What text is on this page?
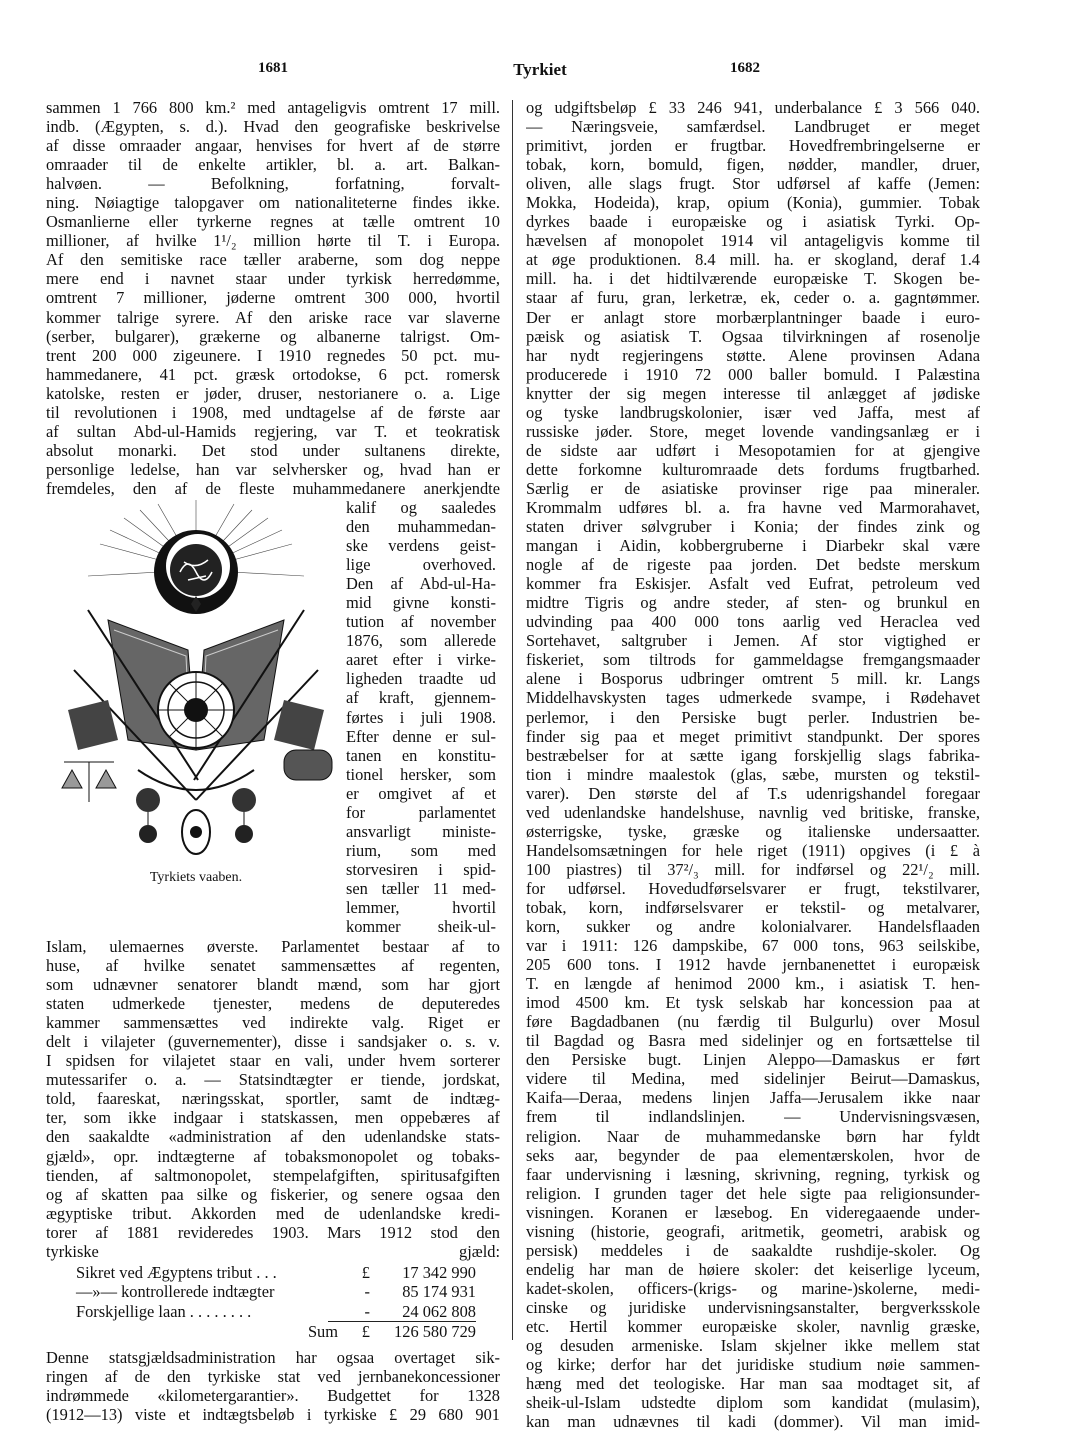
1681	Tyrkiet	1682
sammen 1 766 800 km.² med antageligvis omtrent 17 mill.
indb. (Ægypten, s. d.). Hvad den geografiske beskrivelse
af disse omraader angaar, henvises for hvert af de større
omraader til de enkelte artikler, bl. a. art. Balkan-
halvøen. — Befolkning, forfatning, forvalt-
ning. Nøiagtige talopgaver om nationaliteterne findes ikke.
Osmanlierne eller tyrkerne regnes at tælle omtrent 10
millioner, af hvilke 1¹/₂ million hørte til T. i Europa.
Af den semitiske race tæller araberne, som dog neppe
mere end i navnet staar under tyrkisk herredømme,
omtrent 7 millioner, jøderne omtrent 300 000, hvortil
kommer talrige syrere. Af den ariske race var slaverne
(serber, bulgarer), grækerne og albanerne talrigst. Om-
trent 200 000 zigeunere. I 1910 regnedes 50 pct. mu-
hammedanere, 41 pct. græsk ortodokse, 6 pct. romersk
katolske, resten er jøder, druser, nestorianere o. a. Lige
til revolutionen i 1908, med undtagelse af de første aar
af sultan Abd-ul-Hamids regjering, var T. et teokratisk
absolut monarki. Det stod under sultanens direkte,
personlige ledelse, han var selvhersker og, hvad han er
fremdeles, den af de fleste muhammedanere anerkjendte
Tyrkiets vaaben.
kalif og saaledes
den muhammedan-
ske verdens geist-
lige overhoved.
Den af Abd-ul-Ha-
mid givne konsti-
tution af november
1876, som allerede
aaret efter i virke-
ligheden traadte ud
af kraft, gjennem-
førtes i juli 1908.
Efter denne er sul-
tanen en konstitu-
tionel hersker, som
er omgivet af et
for parlamentet
ansvarligt ministe-
rium, som med
storvesiren i spid-
sen tæller 11 med-
lemmer, hvortil
kommer sheik-ul-
Islam, ulemaernes øverste. Parlamentet bestaar af to
huse, af hvilke senatet sammensættes af regenten,
som udnævner senatorer blandt mænd, som har gjort
staten udmerkede tjenester, medens de deputeredes
kammer sammensættes ved indirekte valg. Riget er
delt i vilajeter (guvernementer), disse i sandsjaker o. s. v.
I spidsen for vilajetet staar en vali, under hvem sorterer
mutessarifer o. a. — Statsindtægter er tiende, jordskat,
told, faareskat, næringsskat, sportler, samt de indtæg-
ter, som ikke indgaar i statskassen, men oppebæres af
den saakaldte «administration af den udenlandske stats-
gjæld», opr. indtægterne af tobaksmonopolet og tobaks-
tienden, af saltmonopolet, stempelafgiften, spiritusafgiften
og af skatten paa silke og fiskerier, og senere ogsaa den
ægyptiske tribut. Akkorden med de udenlandske kredi-
torer af 1881 revideredes 1903. Mars 1912 stod den
tyrkiske gjæld:
Sikret ved Ægyptens tribut . . .	£	17 342 990
—»— kontrollerede indtægter	-	85 174 931
Forskjellige laan . . . . . . . .	-	24 062 808
Sum	£	126 580 729
Denne statsgjældsadministration har ogsaa overtaget sik-
ringen af de den tyrkiske stat ved jernbanekoncessioner
indrømmede «kilometergarantier». Budgettet for 1328
(1912—13) viste et indtægtsbeløb i tyrkiske £ 29 680 901
og udgiftsbeløp £ 33 246 941, underbalance £ 3 566 040.
— Næringsveie, samfærdsel. Landbruget er meget
primitivt, jorden er frugtbar. Hovedfrembringelserne er
tobak, korn, bomuld, figen, nødder, mandler, druer,
oliven, alle slags frugt. Stor udførsel af kaffe (Jemen:
Mokka, Hodeida), krap, opium (Konia), gummier. Tobak
dyrkes baade i europæiske og i asiatisk Tyrki. Op-
hævelsen af monopolet 1914 vil antageligvis komme til
at øge produktionen. 8.4 mill. ha. er skogland, deraf 1.4
mill. ha. i det hidtilværende europæiske T. Skogen be-
staar af furu, gran, lerketræ, ek, ceder o. a. gagntømmer.
Der er anlagt store morbærplantninger baade i euro-
pæisk og asiatisk T. Ogsaa tilvirkningen af rosenolje
har nydt regjeringens støtte. Alene provinsen Adana
producerede i 1910 72 000 baller bomuld. I Palæstina
knytter der sig megen interesse til anlægget af jødiske
og tyske landbrugskolonier, især ved Jaffa, mest af
russiske jøder. Store, meget lovende vandingsanlæg er i
de sidste aar udført i Mesopotamien for at gjengive
dette forkomne kulturomraade dets fordums frugtbarhed.
Særlig er de asiatiske provinser rige paa mineraler.
Krommalm udføres bl. a. fra havne ved Marmorahavet,
staten driver sølvgruber i Konia; der findes zink og
mangan i Aidin, kobbergruberne i Diarbekr skal være
nogle af de rigeste paa jorden. Det bedste merskum
kommer fra Eskisjer. Asfalt ved Eufrat, petroleum ved
midtre Tigris og andre steder, af sten- og brunkul en
udvinding paa 400 000 tons aarlig ved Heraclea ved
Sortehavet, saltgruber i Jemen. Af stor vigtighed er
fiskeriet, som tiltrods for gammeldagse fremgangsmaader
alene i Bosporus udbringer omtrent 5 mill. kr. Langs
Middelhavskysten tages udmerkede svampe, i Rødehavet
perlemor, i den Persiske bugt perler. Industrien be-
finder sig paa et meget primitivt standpunkt. Der spores
bestræbelser for at sætte igang forskjellig slags fabrika-
tion i mindre maalestok (glas, sæbe, mursten og tekstil-
varer). Den største del af T.s udenrigshandel foregaar
ved udenlandske handelshuse, navnlig ved britiske, franske,
østerrigske, tyske, græske og italienske undersaatter.
Handelsomsætningen for hele riget (1911) opgives (i £ à
100 piastres) til 37²/₃ mill. for indførsel og 22¹/₂ mill.
for udførsel. Hovedudførselsvarer er frugt, tekstilvarer,
tobak, korn, indførselsvarer er tekstil- og metalvarer,
korn, sukker og andre kolonialvarer. Handelsflaaden
var i 1911: 126 dampskibe, 67 000 tons, 963 seilskibe,
205 600 tons. I 1912 havde jernbanenettet i europæisk
T. en længde af henimod 2000 km., i asiatisk T. hen-
imod 4500 km. Et tysk selskab har koncession paa at
føre Bagdadbanen (nu færdig til Bulgurlu) over Mosul
til Bagdad og Basra med sidelinjer og en fortsættelse til
den Persiske bugt. Linjen Aleppo—Damaskus er ført
videre til Medina, med sidelinjer Beirut—Damaskus,
Kaifa—Deraa, medens linjen Jaffa—Jerusalem ikke naar
frem til indlandslinjen. — Undervisningsvæsen,
religion. Naar de muhammedanske børn har fyldt
seks aar, begynder de paa elementærskolen, hvor de
faar undervisning i læsning, skrivning, regning, tyrkisk og
religion. I grunden tager det hele sigte paa religionsunder-
visningen. Koranen er læsebog. En videregaaende under-
visning (historie, geografi, aritmetik, geometri, arabisk og
persisk) meddeles i de saakaldte rushdije-skoler. Og
endelig har man de høiere skoler: det keiserlige lyceum,
kadet-skolen, officers-(krigs- og marine-)skolerne, medi-
cinske og juridiske undervisningsanstalter, bergverksskole
etc. Hertil kommer europæiske skoler, navnlig græske,
og desuden armeniske. Islam skjelner ikke mellem stat
og kirke; derfor har det juridiske studium nøie sammen-
hæng med det teologiske. Har man saa modtaget sit, af
sheik-ul-Islam udstedte diplom som kandidat (mulasim),
kan man udnævnes til kadi (dommer). Vil man imid-
